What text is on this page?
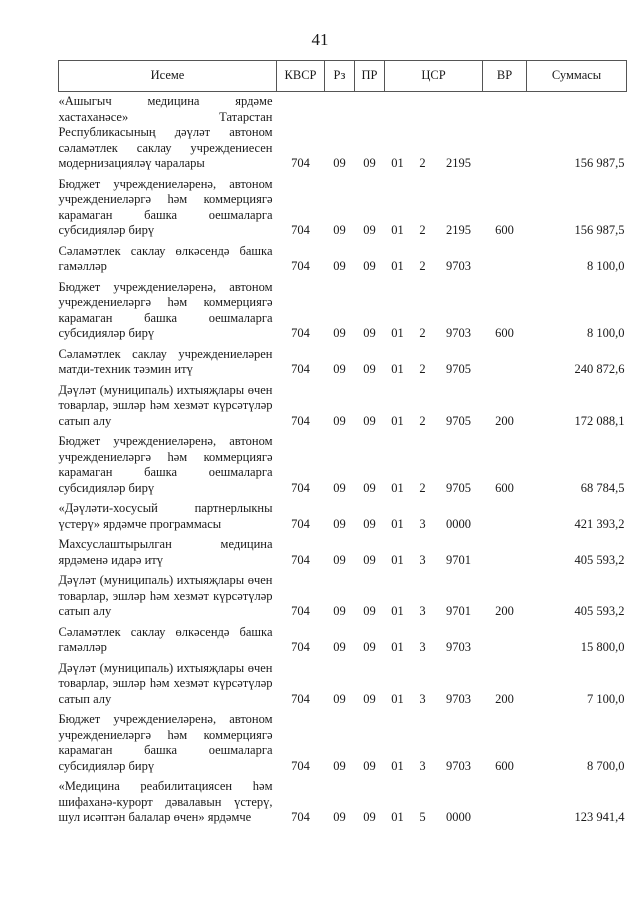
41
Исеме	КВСР	Рз	ПР	ЦСР			ВР	Суммасы
«Ашыгыч медицина ярдәме хастаханәсе» Татарстан Республикасының дәүләт автоном сәламәтлек саклау учреждениесен модернизацияләү чаралары	704	09	09	01	2	2195		156 987,5
Бюджет учреждениеләренә, автоном учреждениеләргә һәм коммерциягә карамаган башка оешмаларга субсидияләр бирү	704	09	09	01	2	2195	600	156 987,5
Сәламәтлек саклау өлкәсендә башка гамәлләр	704	09	09	01	2	9703		8 100,0
Бюджет учреждениеләренә, автоном учреждениеләргә һәм коммерциягә карамаган башка оешмаларга субсидияләр бирү	704	09	09	01	2	9703	600	8 100,0
Сәламәтлек саклау учреждениеләрен матди-техник тәэмин итү	704	09	09	01	2	9705		240 872,6
Дәүләт (муниципаль) ихтыяҗлары өчен товарлар, эшләр һәм хезмәт күрсәтүләр сатып алу	704	09	09	01	2	9705	200	172 088,1
Бюджет учреждениеләренә, автоном учреждениеләргә һәм коммерциягә карамаган башка оешмаларга субсидияләр бирү	704	09	09	01	2	9705	600	68 784,5
«Дәүләти-хосусый партнерлыкны үстерү» ярдәмче программасы	704	09	09	01	3	0000		421 393,2
Махсуслаштырылган медицина ярдәменә идарә итү	704	09	09	01	3	9701		405 593,2
Дәүләт (муниципаль) ихтыяҗлары өчен товарлар, эшләр һәм хезмәт күрсәтүләр сатып алу	704	09	09	01	3	9701	200	405 593,2
Сәламәтлек саклау өлкәсендә башка гамәлләр	704	09	09	01	3	9703		15 800,0
Дәүләт (муниципаль) ихтыяҗлары өчен товарлар, эшләр һәм хезмәт күрсәтүләр сатып алу	704	09	09	01	3	9703	200	7 100,0
Бюджет учреждениеләренә, автоном учреждениеләргә һәм коммерциягә карамаган башка оешмаларга субсидияләр бирү	704	09	09	01	3	9703	600	8 700,0
«Медицина реабилитациясен һәм шифаханә-курорт дәвалавын үстерү, шул исәптән балалар өчен» ярдәмче	704	09	09	01	5	0000		123 941,4
